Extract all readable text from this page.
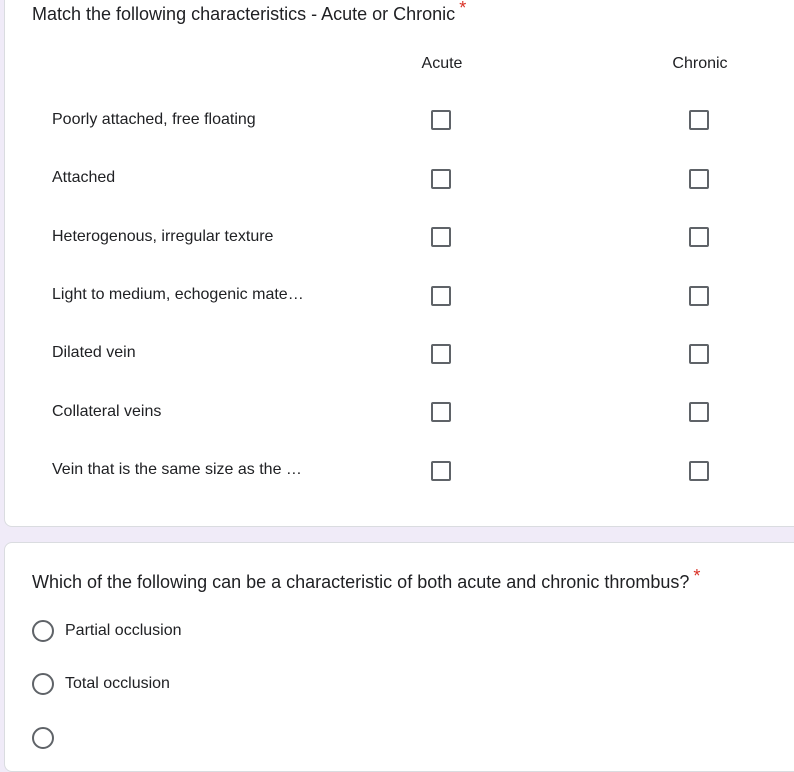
Match the following characteristics - Acute or Chronic *
Acute	Chronic
Poorly attached, free floating
Attached
Heterogenous, irregular texture
Light to medium, echogenic mate…
Dilated vein
Collateral veins
Vein that is the same size as the …
Which of the following can be a characteristic of both acute and chronic thrombus? *
Partial occlusion
Total occlusion
